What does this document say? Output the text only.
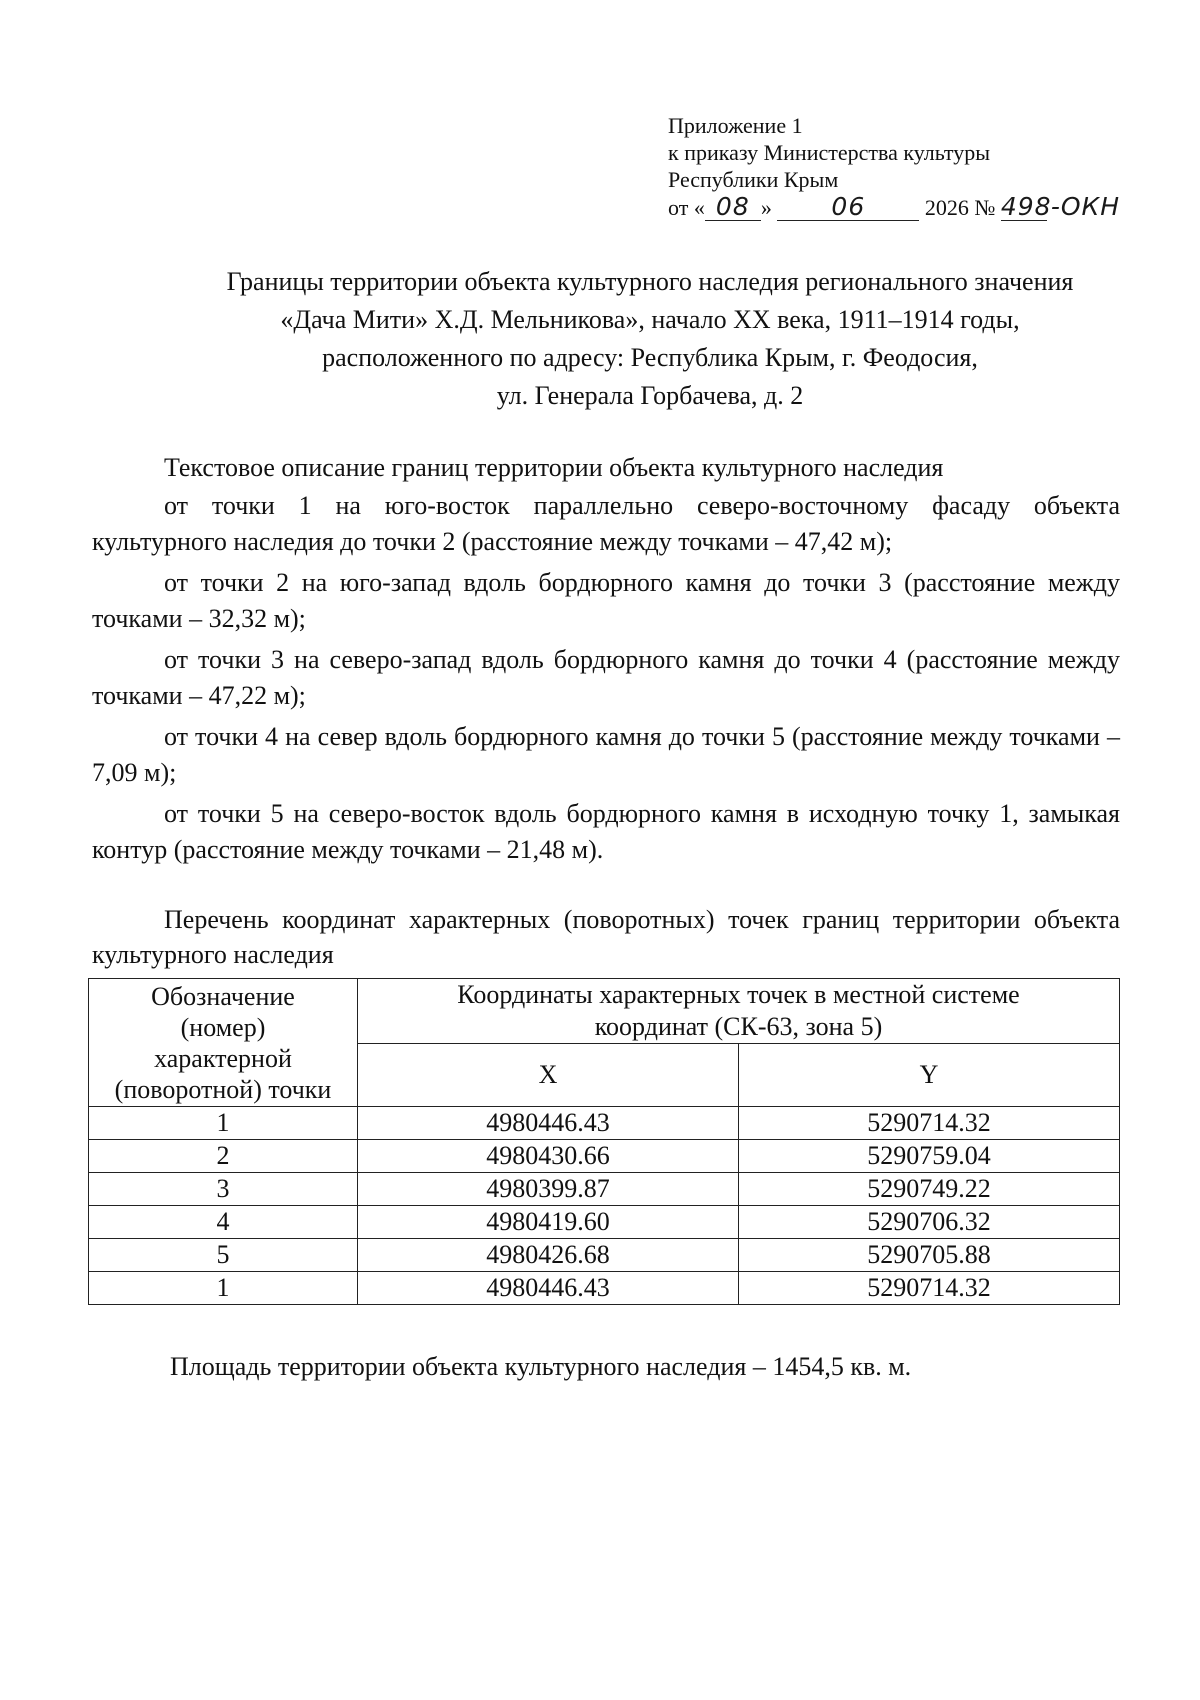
Приложение 1
к приказу Министерства культуры
Республики Крым
от « 08 » 06	2026 № 498-ОКН
Границы территории объекта культурного наследия регионального значения
«Дача Мити» Х.Д. Мельникова», начало XX века, 1911–1914 годы,
расположенного по адресу: Республика Крым, г. Феодосия,
ул. Генерала Горбачева, д. 2

Текстовое описание границ территории объекта культурного наследия

от точки 1 на юго-восток параллельно северо-восточному фасаду объекта культурного наследия до точки 2 (расстояние между точками – 47,42 м);

от точки 2 на юго-запад вдоль бордюрного камня до точки 3 (расстояние между точками – 32,32 м);

от точки 3 на северо-запад вдоль бордюрного камня до точки 4 (расстояние между точками – 47,22 м);

от точки 4 на север вдоль бордюрного камня до точки 5 (расстояние между точками – 7,09 м);

от точки 5 на северо-восток вдоль бордюрного камня в исходную точку 1, замыкая контур (расстояние между точками – 21,48 м).

Перечень координат характерных (поворотных) точек границ территории объекта культурного наследия
Обозначение
(номер)
характерной
(поворотной) точки	Координаты характерных точек в местной системе
координат (СК-63, зона 5)	
	X	Y
1	4980446.43	5290714.32
2	4980430.66	5290759.04
3	4980399.87	5290749.22
4	4980419.60	5290706.32
5	4980426.68	5290705.88
1	4980446.43	5290714.32
Площадь территории объекта культурного наследия – 1454,5 кв. м.
